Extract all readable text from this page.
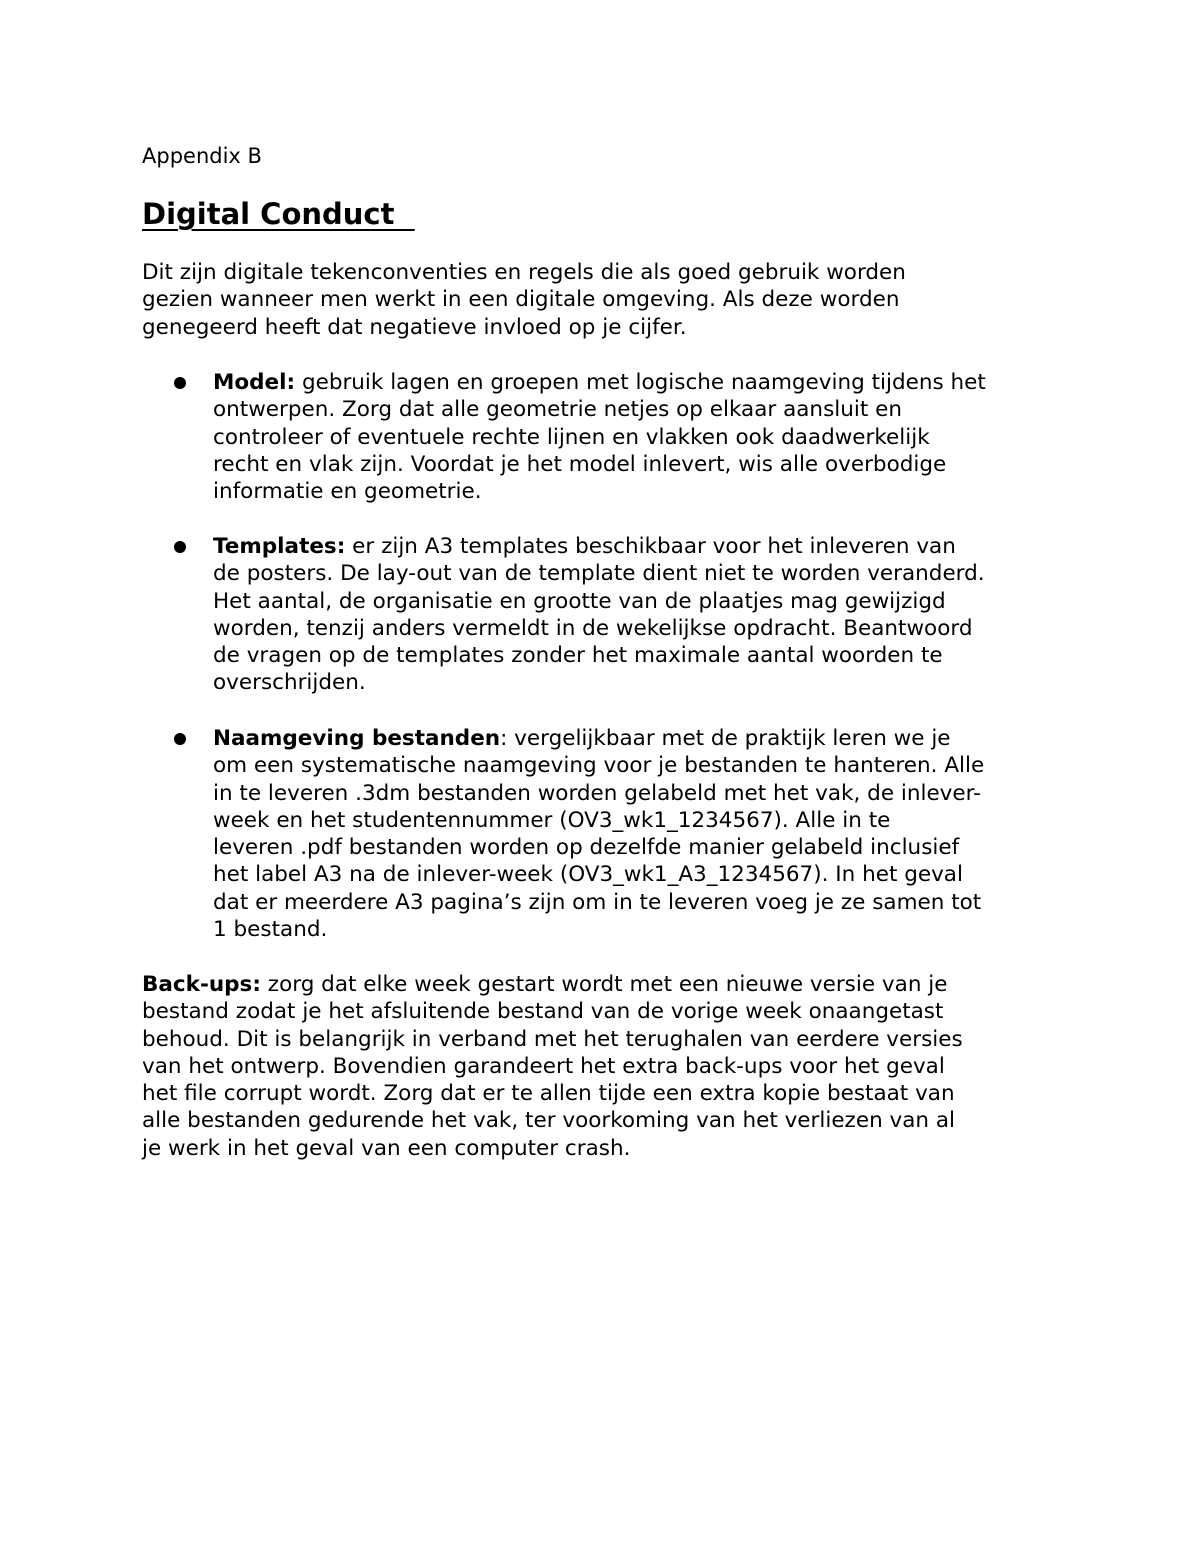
Appendix B
Digital Conduct
Dit zijn digitale tekenconventies en regels die als goed gebruik worden
gezien wanneer men werkt in een digitale omgeving. Als deze worden
genegeerd heeft dat negatieve invloed op je cijfer.
Model: gebruik lagen en groepen met logische naamgeving tijdens het
ontwerpen. Zorg dat alle geometrie netjes op elkaar aansluit en
controleer of eventuele rechte lijnen en vlakken ook daadwerkelijk
recht en vlak zijn. Voordat je het model inlevert, wis alle overbodige
informatie en geometrie.
Templates: er zijn A3 templates beschikbaar voor het inleveren van
de posters. De lay-out van de template dient niet te worden veranderd.
Het aantal, de organisatie en grootte van de plaatjes mag gewijzigd
worden, tenzij anders vermeldt in de wekelijkse opdracht. Beantwoord
de vragen op de templates zonder het maximale aantal woorden te
overschrijden.
Naamgeving bestanden: vergelijkbaar met de praktijk leren we je
om een systematische naamgeving voor je bestanden te hanteren. Alle
in te leveren .3dm bestanden worden gelabeld met het vak, de inlever-
week en het studentennummer (OV3_wk1_1234567). Alle in te
leveren .pdf bestanden worden op dezelfde manier gelabeld inclusief
het label A3 na de inlever-week (OV3_wk1_A3_1234567). In het geval
dat er meerdere A3 pagina’s zijn om in te leveren voeg je ze samen tot
1 bestand.
Back-ups: zorg dat elke week gestart wordt met een nieuwe versie van je
bestand zodat je het afsluitende bestand van de vorige week onaangetast
behoud. Dit is belangrijk in verband met het terughalen van eerdere versies
van het ontwerp. Bovendien garandeert het extra back-ups voor het geval
het file corrupt wordt. Zorg dat er te allen tijde een extra kopie bestaat van
alle bestanden gedurende het vak, ter voorkoming van het verliezen van al
je werk in het geval van een computer crash.
